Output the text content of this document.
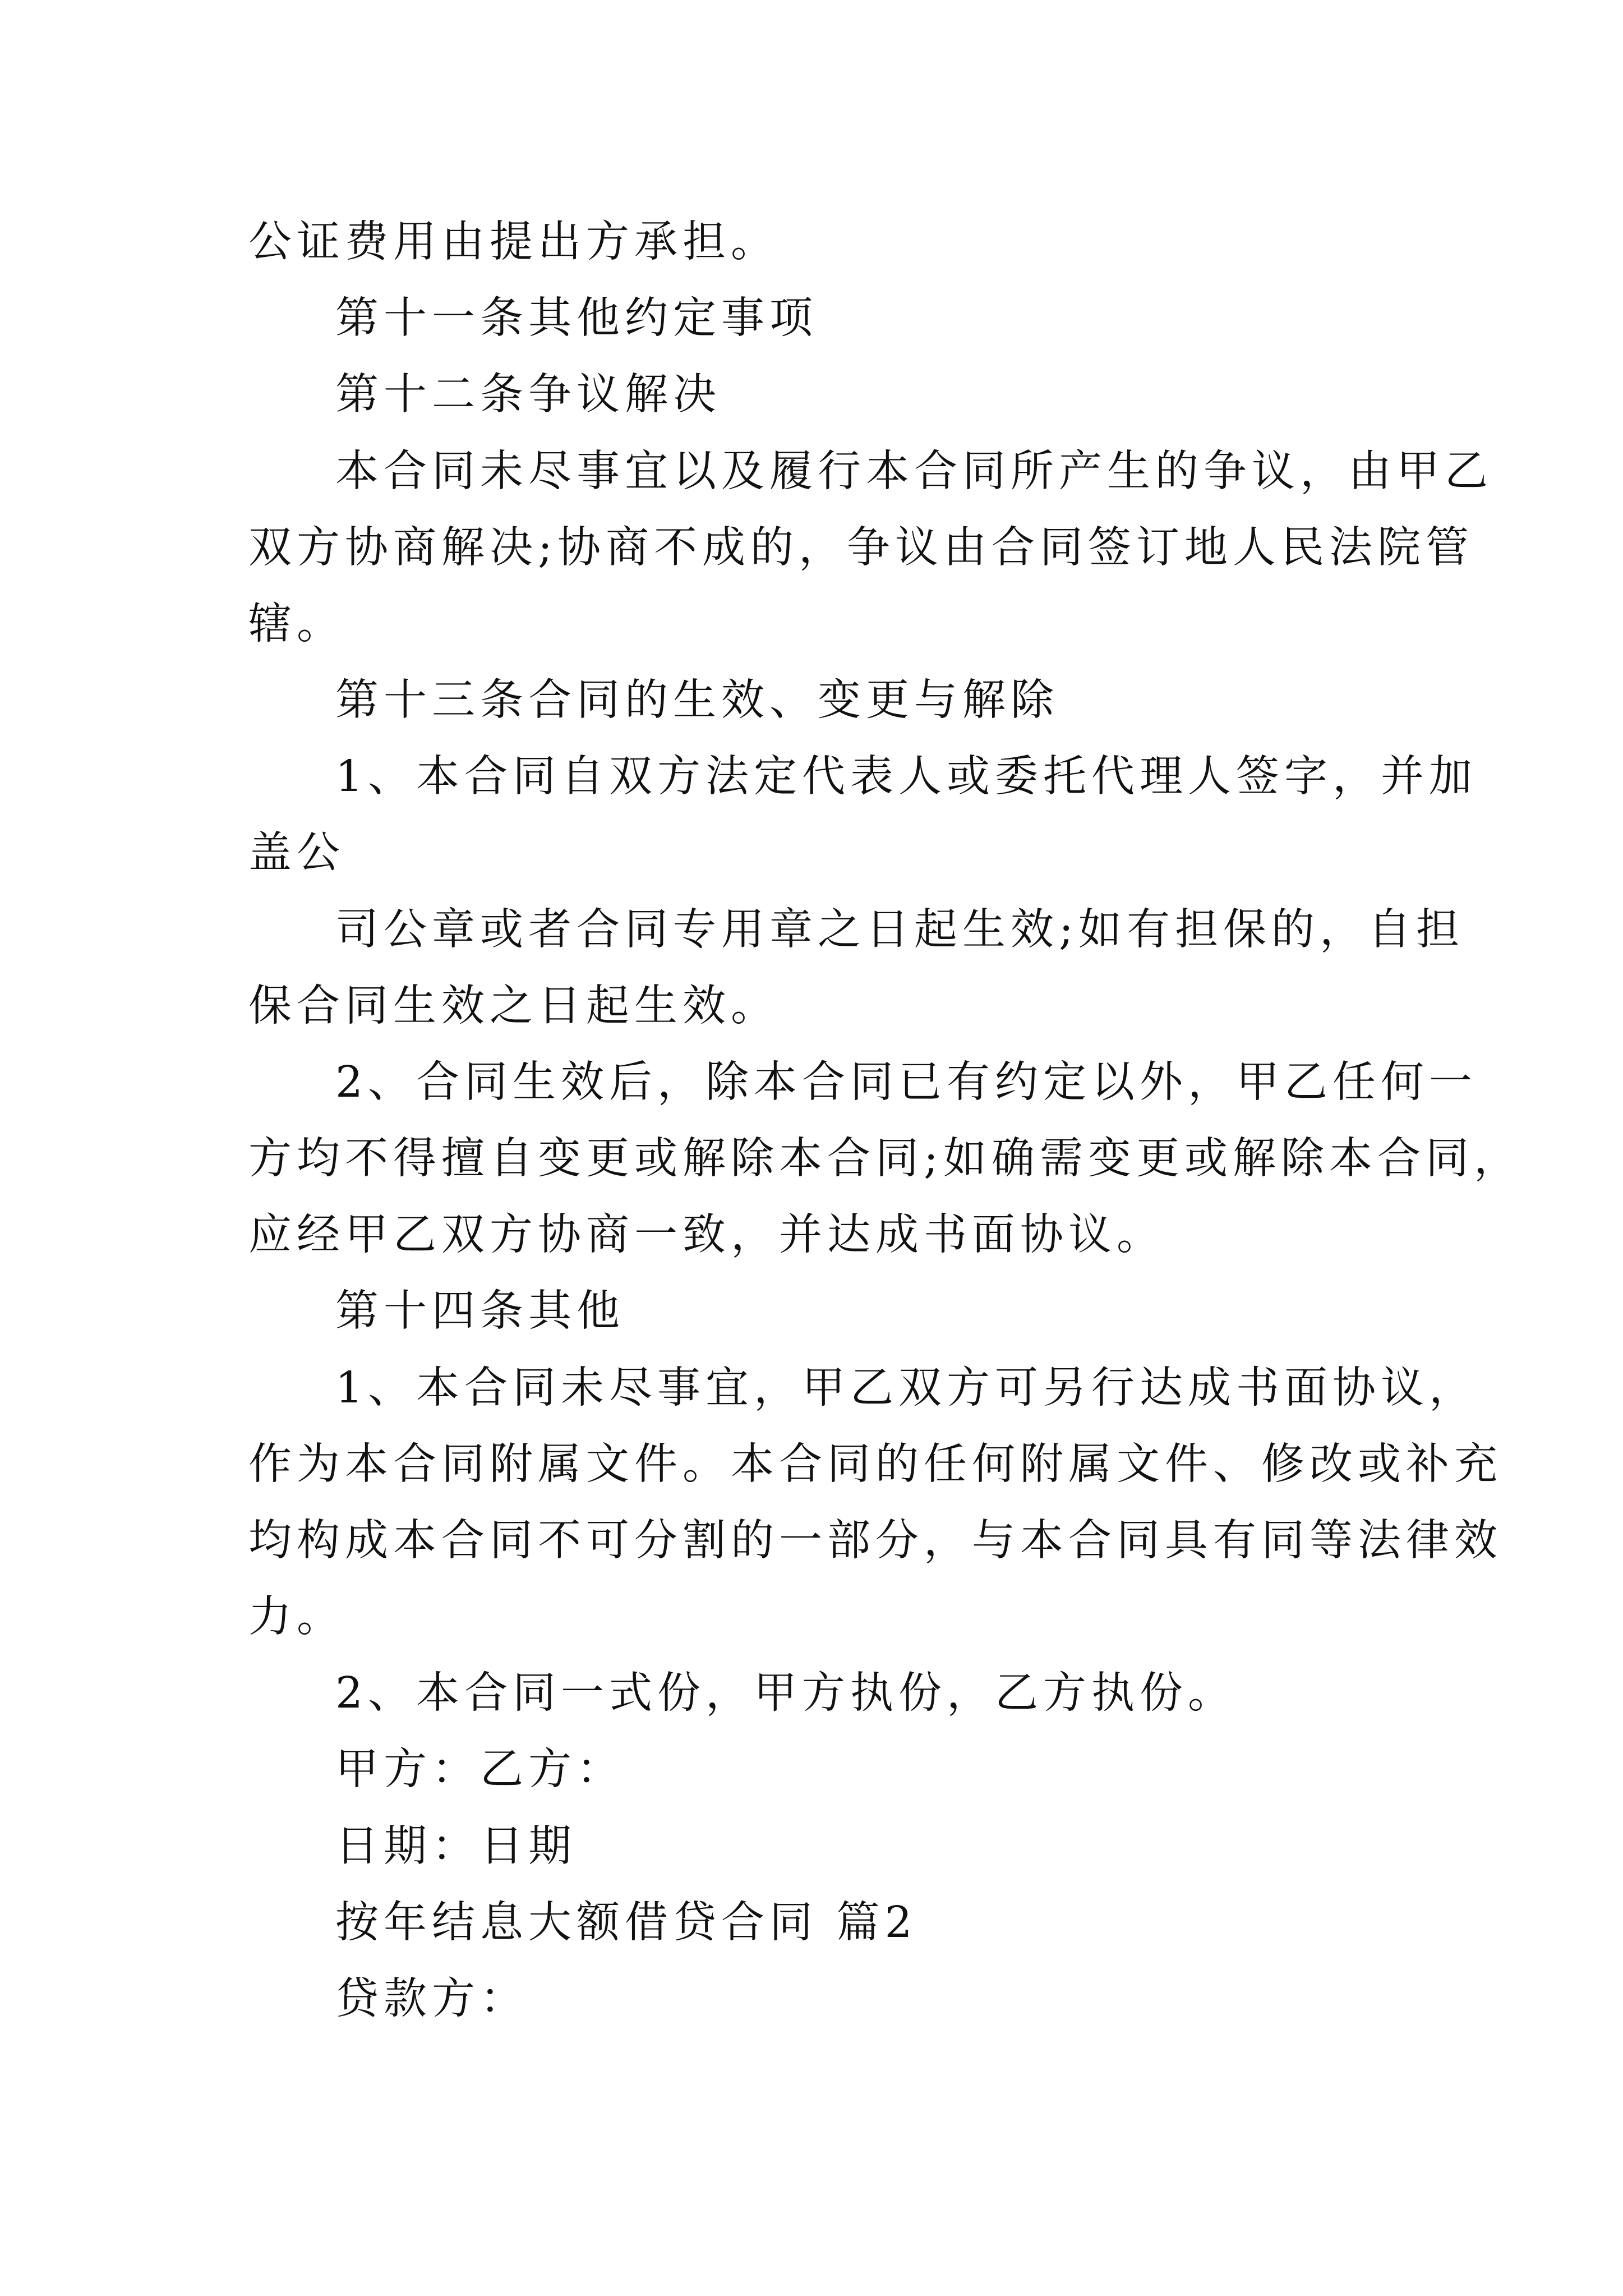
公证费用由提出方承担。

第十一条其他约定事项

第十二条争议解决

本合同未尽事宜以及履行本合同所产生的争议，由甲乙

双方协商解决;协商不成的，争议由合同签订地人民法院管

辖。

第十三条合同的生效、变更与解除

1、本合同自双方法定代表人或委托代理人签字，并加

盖公

司公章或者合同专用章之日起生效;如有担保的，自担

保合同生效之日起生效。

2、合同生效后，除本合同已有约定以外，甲乙任何一

方均不得擅自变更或解除本合同;如确需变更或解除本合同，

应经甲乙双方协商一致，并达成书面协议。

第十四条其他

1、本合同未尽事宜，甲乙双方可另行达成书面协议，

作为本合同附属文件。本合同的任何附属文件、修改或补充

均构成本合同不可分割的一部分，与本合同具有同等法律效

力。

2、本合同一式份，甲方执份，乙方执份。

甲方：乙方：

日期：日期

按年结息大额借贷合同 篇2

贷款方：
